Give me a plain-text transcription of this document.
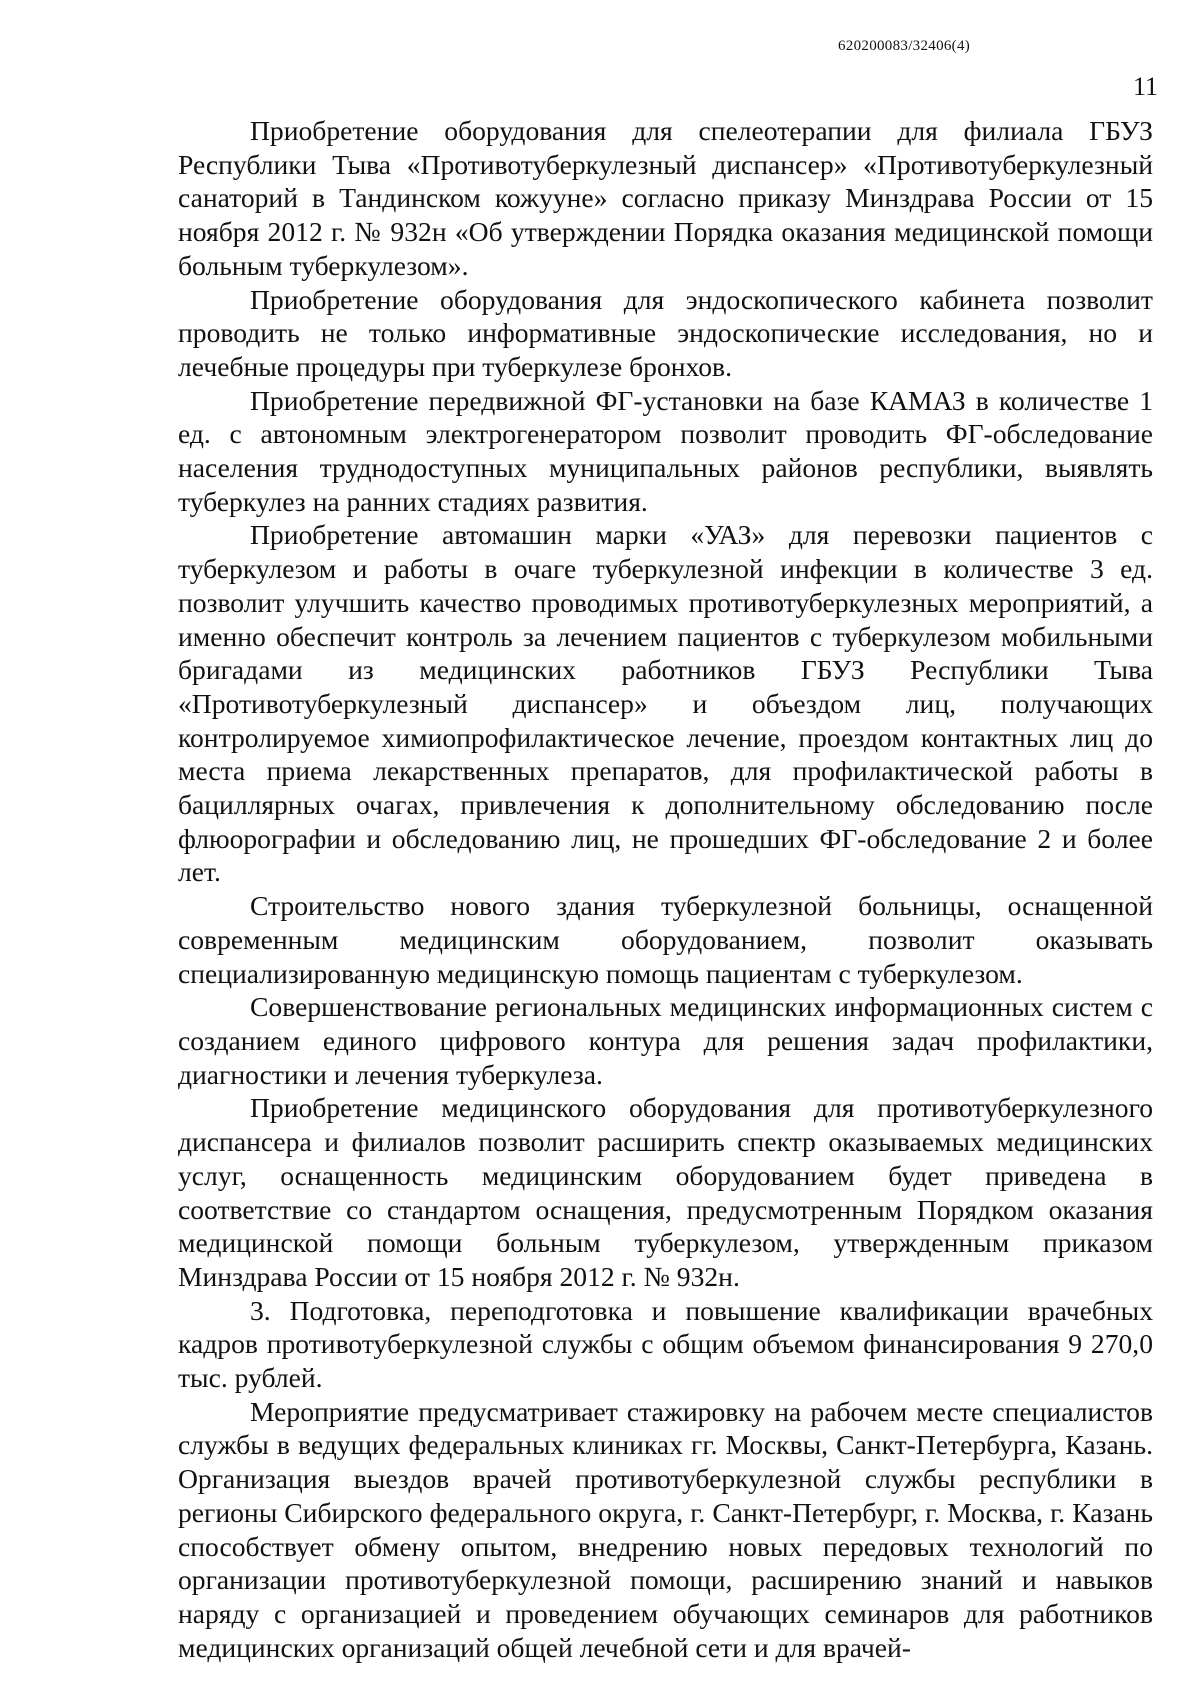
620200083/32406(4)
11

Приобретение оборудования для спелеотерапии для филиала ГБУЗ Республики Тыва «Противотуберкулезный диспансер» «Противотуберкулезный санаторий в Тандинском кожууне» согласно приказу Минздрава России от 15 ноября 2012 г. № 932н «Об утверждении Порядка оказания медицинской помощи больным туберкулезом».

Приобретение оборудования для эндоскопического кабинета позволит проводить не только информативные эндоскопические исследования, но и лечебные процедуры при туберкулезе бронхов.

Приобретение передвижной ФГ-установки на базе КАМАЗ в количестве 1 ед. с автономным электрогенератором позволит проводить ФГ-обследование населения труднодоступных муниципальных районов республики, выявлять туберкулез на ранних стадиях развития.

Приобретение автомашин марки «УАЗ» для перевозки пациентов с туберкулезом и работы в очаге туберкулезной инфекции в количестве 3 ед. позволит улучшить качество проводимых противотуберкулезных мероприятий, а именно обеспечит контроль за лечением пациентов с туберкулезом мобильными бригадами из медицинских работников ГБУЗ Республики Тыва «Противотуберкулезный диспансер» и объездом лиц, получающих контролируемое химиопрофилактическое лечение, проездом контактных лиц до места приема лекарственных препаратов, для профилактической работы в бациллярных очагах, привлечения к дополнительному обследованию после флюорографии и обследованию лиц, не прошедших ФГ-обследование 2 и более лет.

Строительство нового здания туберкулезной больницы, оснащенной современным медицинским оборудованием, позволит оказывать специализированную медицинскую помощь пациентам с туберкулезом.

Совершенствование региональных медицинских информационных систем с созданием единого цифрового контура для решения задач профилактики, диагностики и лечения туберкулеза.

Приобретение медицинского оборудования для противотуберкулезного диспансера и филиалов позволит расширить спектр оказываемых медицинских услуг, оснащенность медицинским оборудованием будет приведена в соответствие со стандартом оснащения, предусмотренным Порядком оказания медицинской помощи больным туберкулезом, утвержденным приказом Минздрава России от 15 ноября 2012 г. № 932н.

3. Подготовка, переподготовка и повышение квалификации врачебных кадров противотуберкулезной службы с общим объемом финансирования 9 270,0 тыс. рублей.

Мероприятие предусматривает стажировку на рабочем месте специалистов службы в ведущих федеральных клиниках гг. Москвы, Санкт-Петербурга, Казань. Организация выездов врачей противотуберкулезной службы республики в регионы Сибирского федерального округа, г. Санкт-Петербург, г. Москва, г. Казань способствует обмену опытом, внедрению новых передовых технологий по организации противотуберкулезной помощи, расширению знаний и навыков наряду с организацией и проведением обучающих семинаров для работников медицинских организаций общей лечебной сети и для врачей-
